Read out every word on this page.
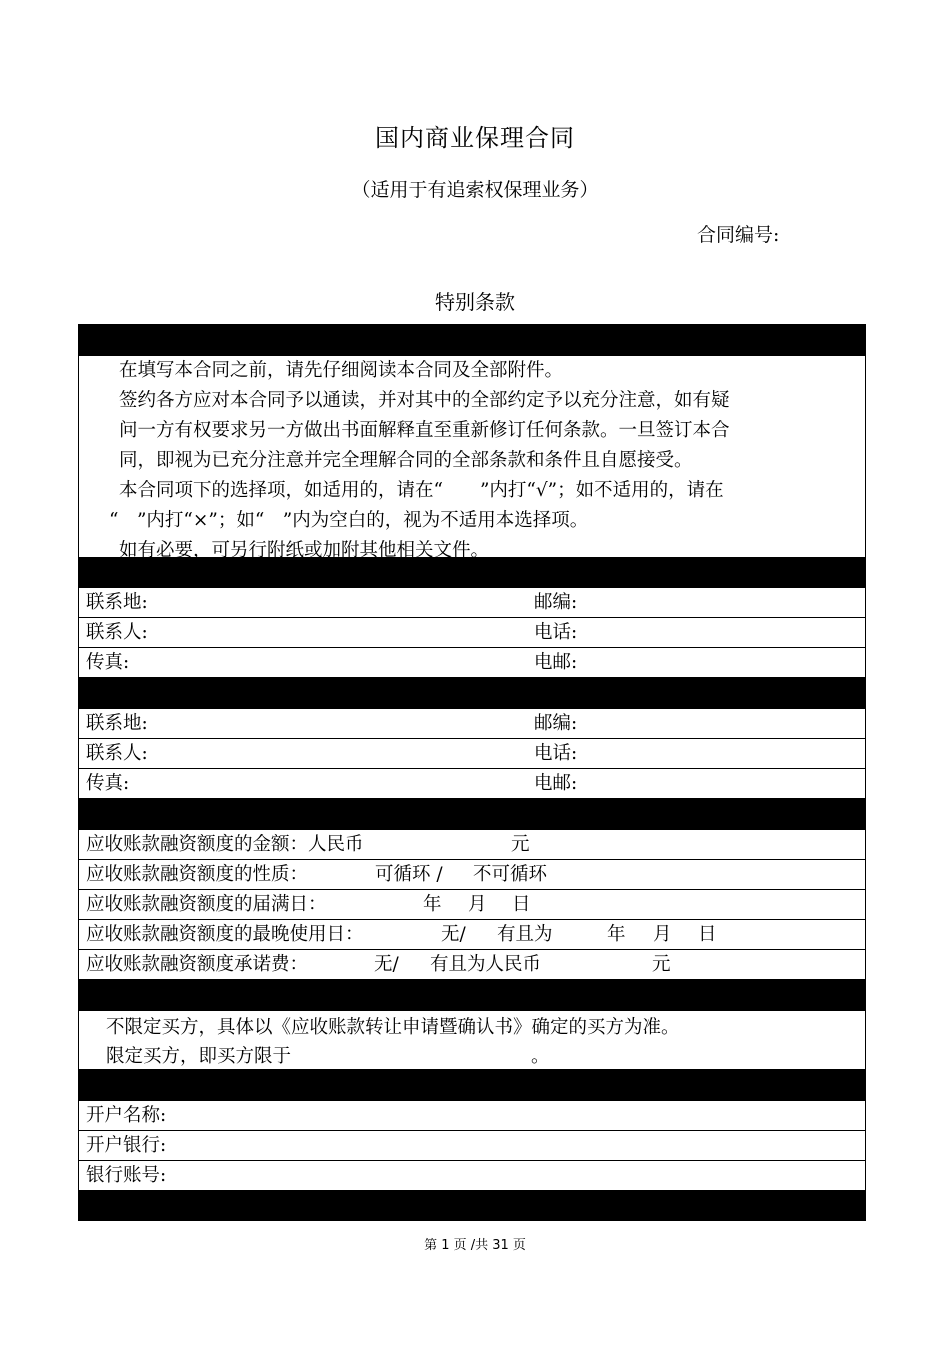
国内商业保理合同
（适用于有追索权保理业务）
合同编号:
特别条款

在填写本合同之前，请先仔细阅读本合同及全部附件。

签约各方应对本合同予以通读，并对其中的全部约定予以充分注意，如有疑

问一方有权要求另一方做出书面解释直至重新修订任何条款。一旦签订本合

同，即视为已充分注意并完全理解合同的全部条款和条件且自愿接受。

本合同项下的选择项，如适用的，请在“　　”内打“√”；如不适用的，请在

“　”内打“×”；如“　”内为空白的，视为不适用本选择项。

如有必要，可另行附纸或加附其他相关文件。

联系地:	邮编:
联系人:	电话:
传真:	电邮:
联系地:	邮编:
联系人:	电话:
传真:	电邮:
应收账款融资额度的金额：人民币	元
应收账款融资额度的性质：	可循环 / 不可循环
应收账款融资额度的届满日：	年 月 日
应收账款融资额度的最晚使用日：	无/ 有且为	年 月 日
应收账款融资额度承诺费：	无/ 有且为人民币	元

不限定买方，具体以《应收账款转让申请暨确认书》确定的买方为准。

限定买方，即买方限于	。

开户名称:
开户银行:
银行账号:
第 1 页 /共 31 页
